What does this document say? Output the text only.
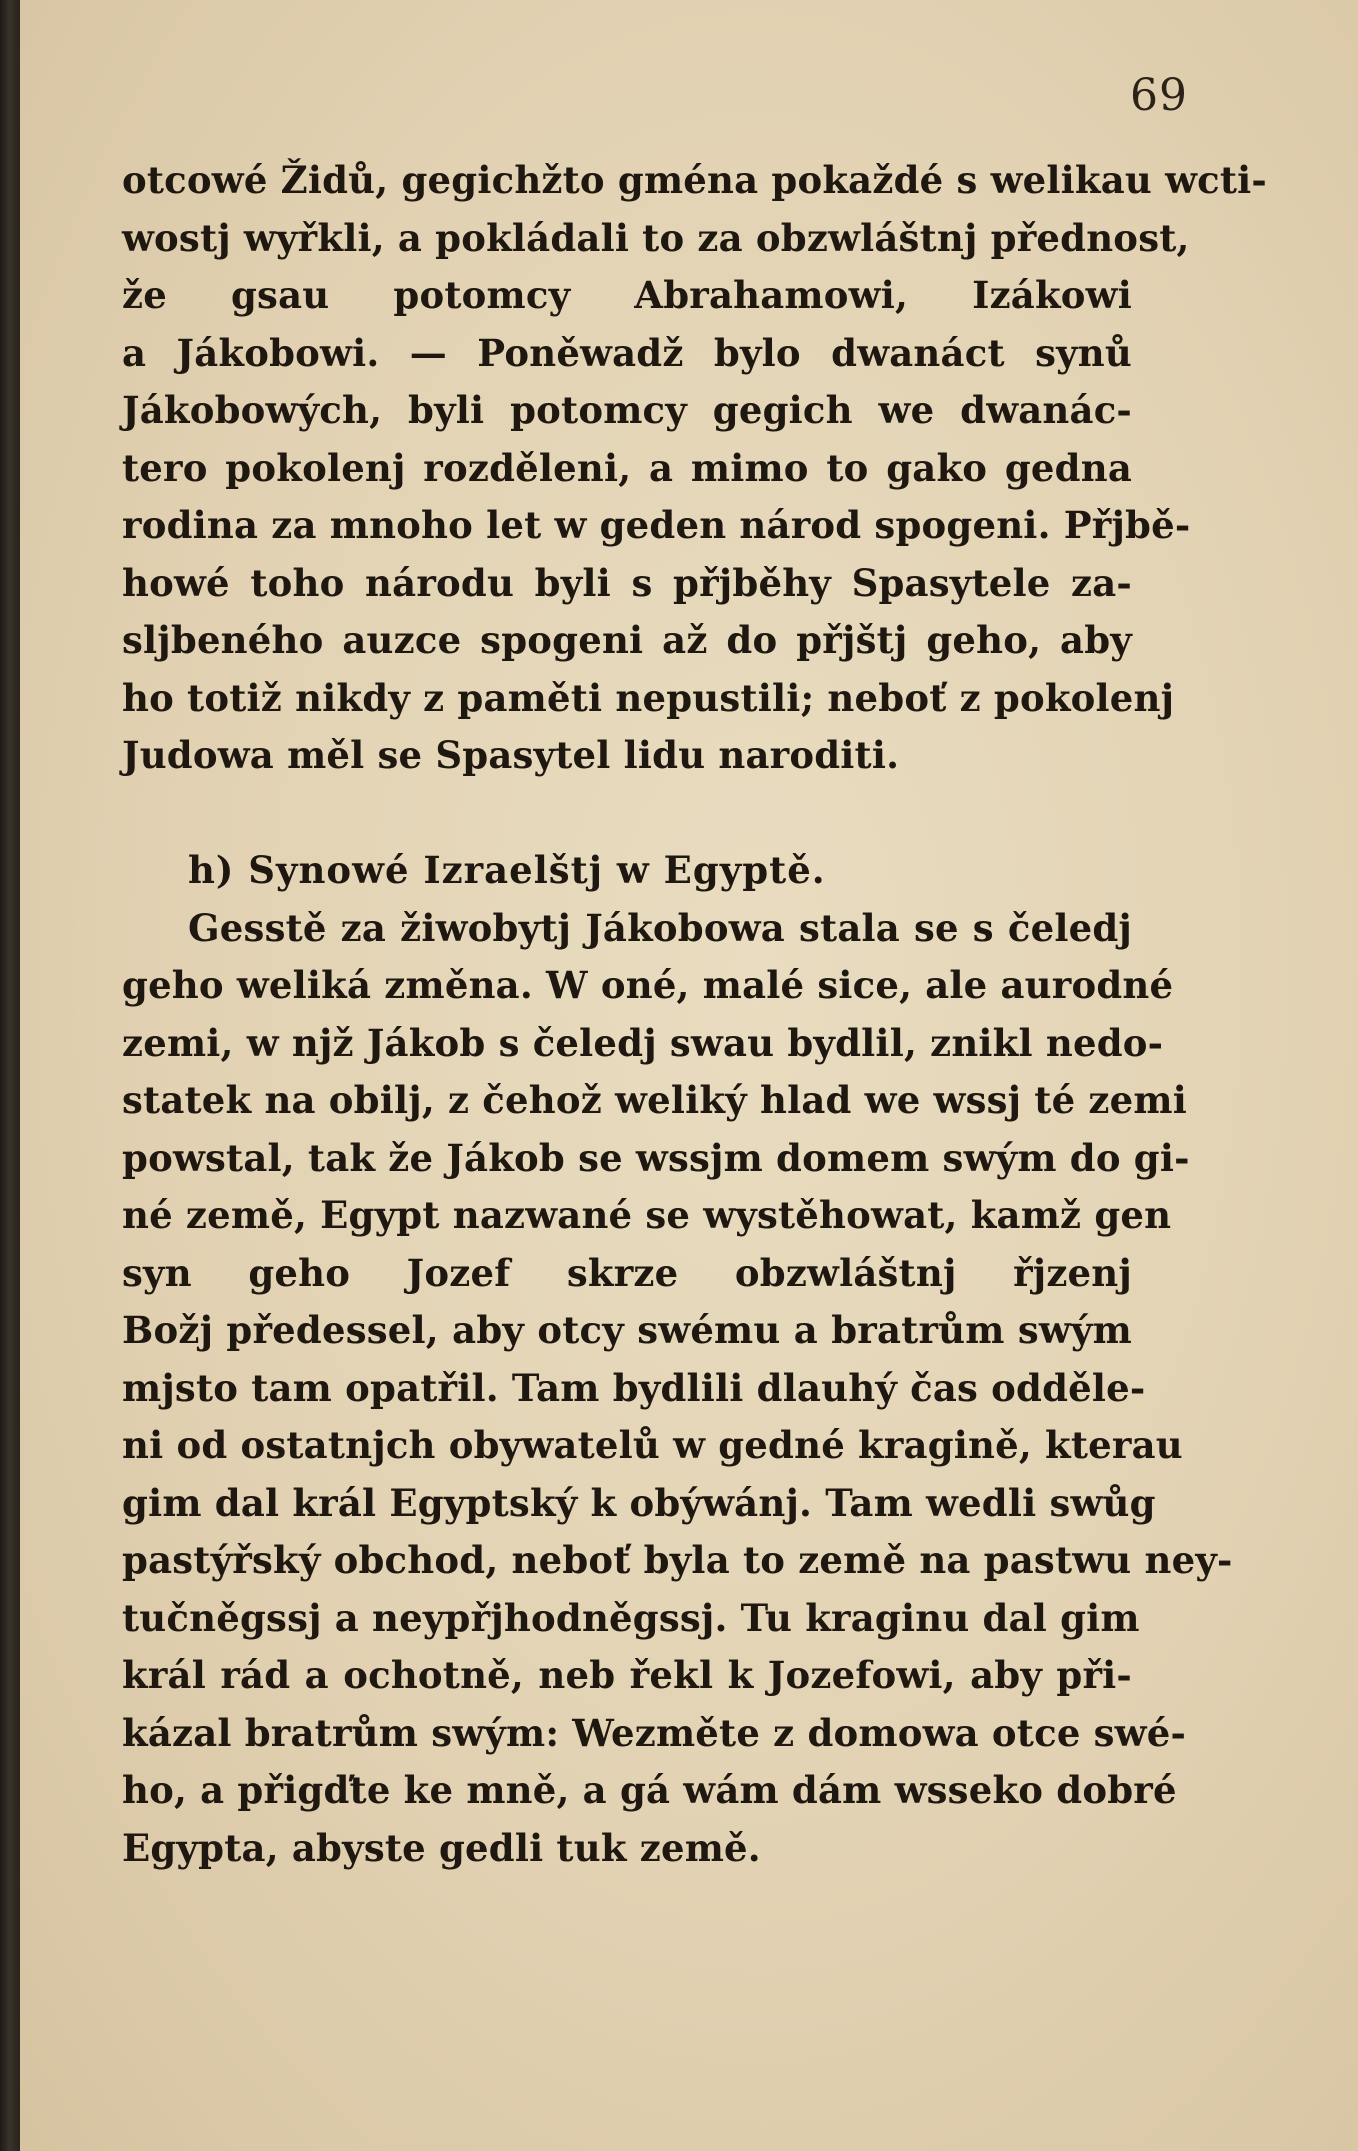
69
otcowé Židů, gegichžto gména pokaždé s welikau wcti-
wostj wyřkli, a pokládali to za obzwláštnj přednost,
že gsau potomcy Abrahamowi, Izákowi
a Jákobowi. — Poněwadž bylo dwanáct synů
Jákobowých, byli potomcy gegich we dwanác-
tero pokolenj rozděleni, a mimo to gako gedna
rodina za mnoho let w geden národ spogeni. Přjbě-
howé toho národu byli s přjběhy Spasytele za-
sljbeného auzce spogeni až do přjštj geho, aby
ho totiž nikdy z paměti nepustili; neboť z pokolenj
Judowa měl se Spasytel lidu naroditi.
h) Synowé Izraelštj w Egyptě.
Gesstě za žiwobytj Jákobowa stala se s čeledj
geho weliká změna. W oné, malé sice, ale aurodné
zemi, w njž Jákob s čeledj swau bydlil, znikl nedo-
statek na obilj, z čehož weliký hlad we wssj té zemi
powstal, tak že Jákob se wssjm domem swým do gi-
né země, Egypt nazwané se wystěhowat, kamž gen
syn geho Jozef skrze obzwláštnj řjzenj
Božj předessel, aby otcy swému a bratrům swým
mjsto tam opatřil. Tam bydlili dlauhý čas odděle-
ni od ostatnjch obywatelů w gedné kragině, kterau
gim dal král Egyptský k obýwánj. Tam wedli swůg
pastýřský obchod, neboť byla to země na pastwu ney-
tučněgssj a neypřjhodněgssj. Tu kraginu dal gim
král rád a ochotně, neb řekl k Jozefowi, aby při-
kázal bratrům swým: Wezměte z domowa otce swé-
ho, a přigďte ke mně, a gá wám dám wsseko dobré
Egypta, abyste gedli tuk země.
